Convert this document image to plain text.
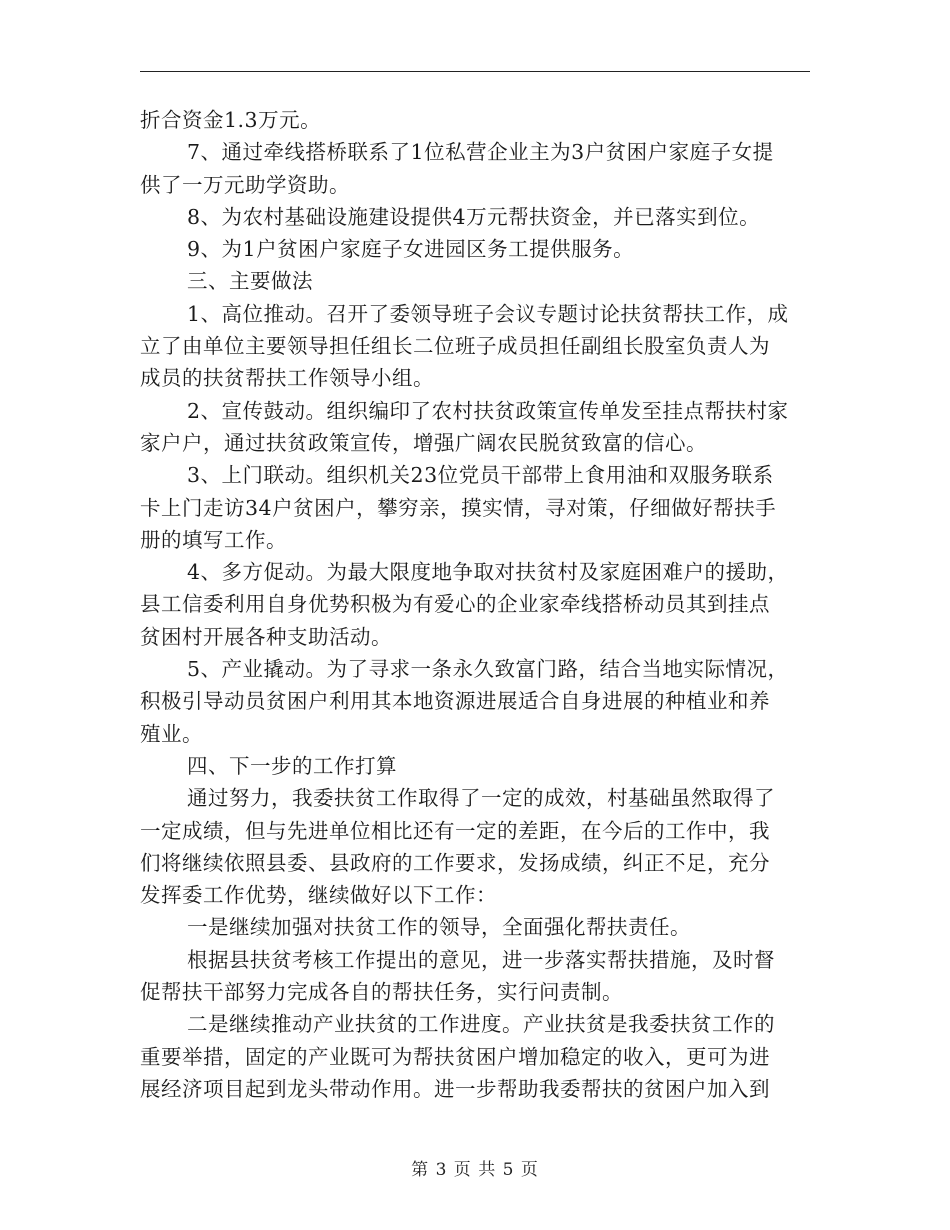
折合资金1.3万元。
7、通过牵线搭桥联系了1位私营企业主为3户贫困户家庭子女提
供了一万元助学资助。
8、为农村基础设施建设提供4万元帮扶资金，并已落实到位。
9、为1户贫困户家庭子女进园区务工提供服务。
三、主要做法
1、高位推动。召开了委领导班子会议专题讨论扶贫帮扶工作，成
立了由单位主要领导担任组长二位班子成员担任副组长股室负责人为
成员的扶贫帮扶工作领导小组。
2、宣传鼓动。组织编印了农村扶贫政策宣传单发至挂点帮扶村家
家户户，通过扶贫政策宣传，增强广阔农民脱贫致富的信心。
3、上门联动。组织机关23位党员干部带上食用油和双服务联系
卡上门走访34户贫困户，攀穷亲，摸实情，寻对策，仔细做好帮扶手
册的填写工作。
4、多方促动。为最大限度地争取对扶贫村及家庭困难户的援助，
县工信委利用自身优势积极为有爱心的企业家牵线搭桥动员其到挂点
贫困村开展各种支助活动。
5、产业撬动。为了寻求一条永久致富门路，结合当地实际情况，
积极引导动员贫困户利用其本地资源进展适合自身进展的种植业和养
殖业。
四、下一步的工作打算
通过努力，我委扶贫工作取得了一定的成效，村基础虽然取得了
一定成绩，但与先进单位相比还有一定的差距，在今后的工作中，我
们将继续依照县委、县政府的工作要求，发扬成绩，纠正不足，充分
发挥委工作优势，继续做好以下工作：
一是继续加强对扶贫工作的领导，全面强化帮扶责任。
根据县扶贫考核工作提出的意见，进一步落实帮扶措施，及时督
促帮扶干部努力完成各自的帮扶任务，实行问责制。
二是继续推动产业扶贫的工作进度。产业扶贫是我委扶贫工作的
重要举措，固定的产业既可为帮扶贫困户增加稳定的收入，更可为进
展经济项目起到龙头带动作用。进一步帮助我委帮扶的贫困户加入到
第 3 页 共 5 页
